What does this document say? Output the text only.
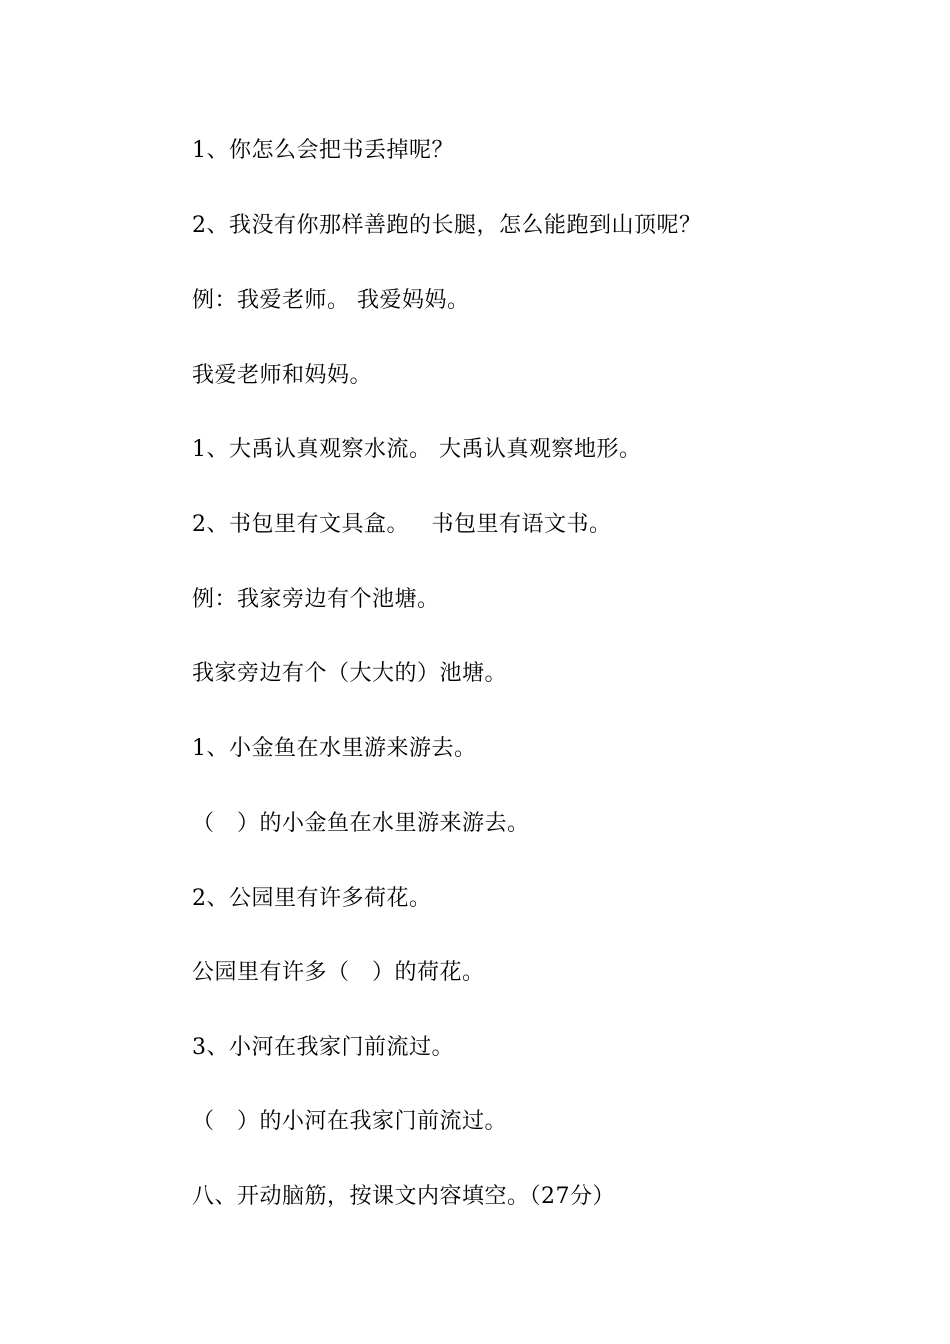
1、你怎么会把书丢掉呢？
2、我没有你那样善跑的长腿，怎么能跑到山顶呢？
例：我爱老师。 我爱妈妈。
我爱老师和妈妈。
1、大禹认真观察水流。 大禹认真观察地形。
2、书包里有文具盒。   书包里有语文书。
例：我家旁边有个池塘。
我家旁边有个（大大的）池塘。
1、小金鱼在水里游来游去。
（   ）的小金鱼在水里游来游去。
2、公园里有许多荷花。
公园里有许多（   ）的荷花。
3、小河在我家门前流过。
（   ）的小河在我家门前流过。
八、开动脑筋，按课文内容填空。（27分）
